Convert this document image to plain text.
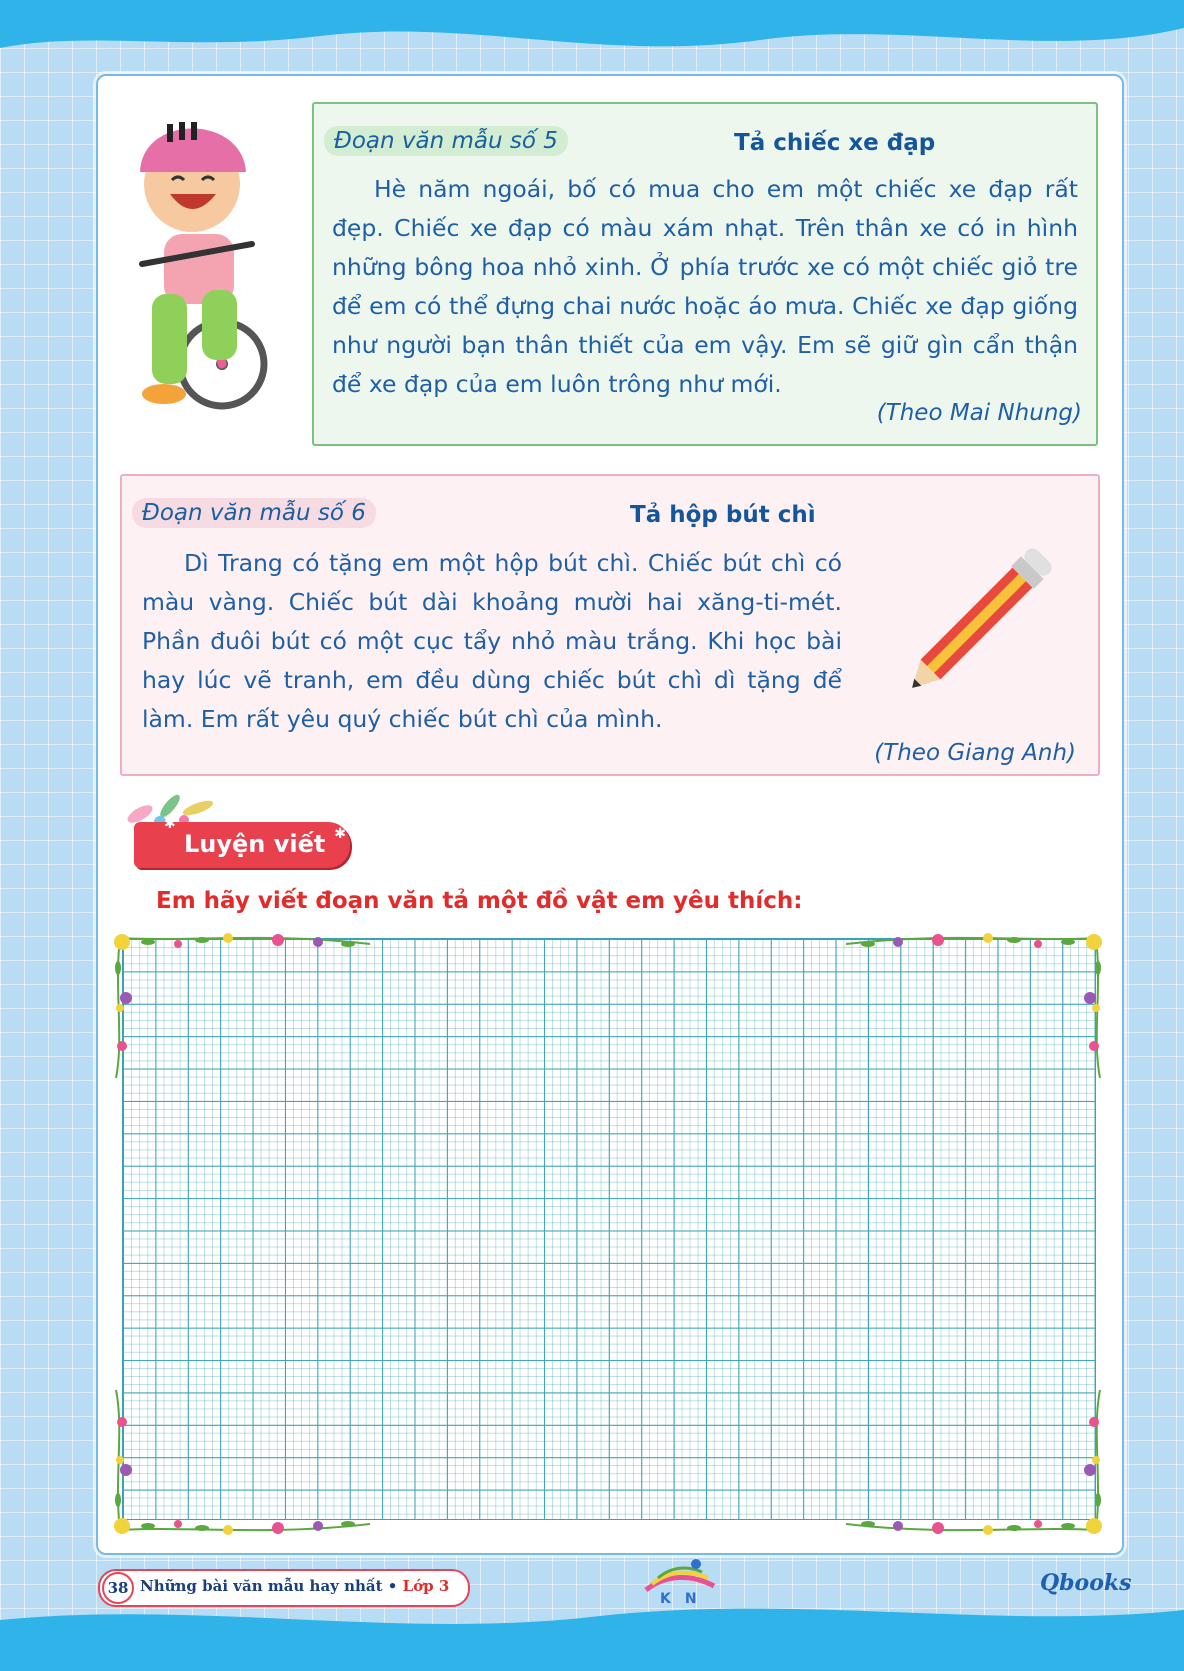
Đoạn văn mẫu số 5	Tả chiếc xe đạp

Hè năm ngoái, bố có mua cho em một chiếc xe đạp rất đẹp. Chiếc xe đạp có màu xám nhạt. Trên thân xe có in hình những bông hoa nhỏ xinh. Ở phía trước xe có một chiếc giỏ tre để em có thể đựng chai nước hoặc áo mưa. Chiếc xe đạp giống như người bạn thân thiết của em vậy. Em sẽ giữ gìn cẩn thận để xe đạp của em luôn trông như mới.

(Theo Mai Nhung)
Đoạn văn mẫu số 6	Tả hộp bút chì

Dì Trang có tặng em một hộp bút chì. Chiếc bút chì có màu vàng. Chiếc bút dài khoảng mười hai xăng-ti-mét. Phần đuôi bút có một cục tẩy nhỏ màu trắng. Khi học bài hay lúc vẽ tranh, em đều dùng chiếc bút chì dì tặng để làm. Em rất yêu quý chiếc bút chì của mình.

(Theo Giang Anh)
✱
✱
Luyện viết
Em hãy viết đoạn văn tả một đồ vật em yêu thích:
38 Những bài văn mẫu hay nhất • Lớp 3
KN
Qbooks
